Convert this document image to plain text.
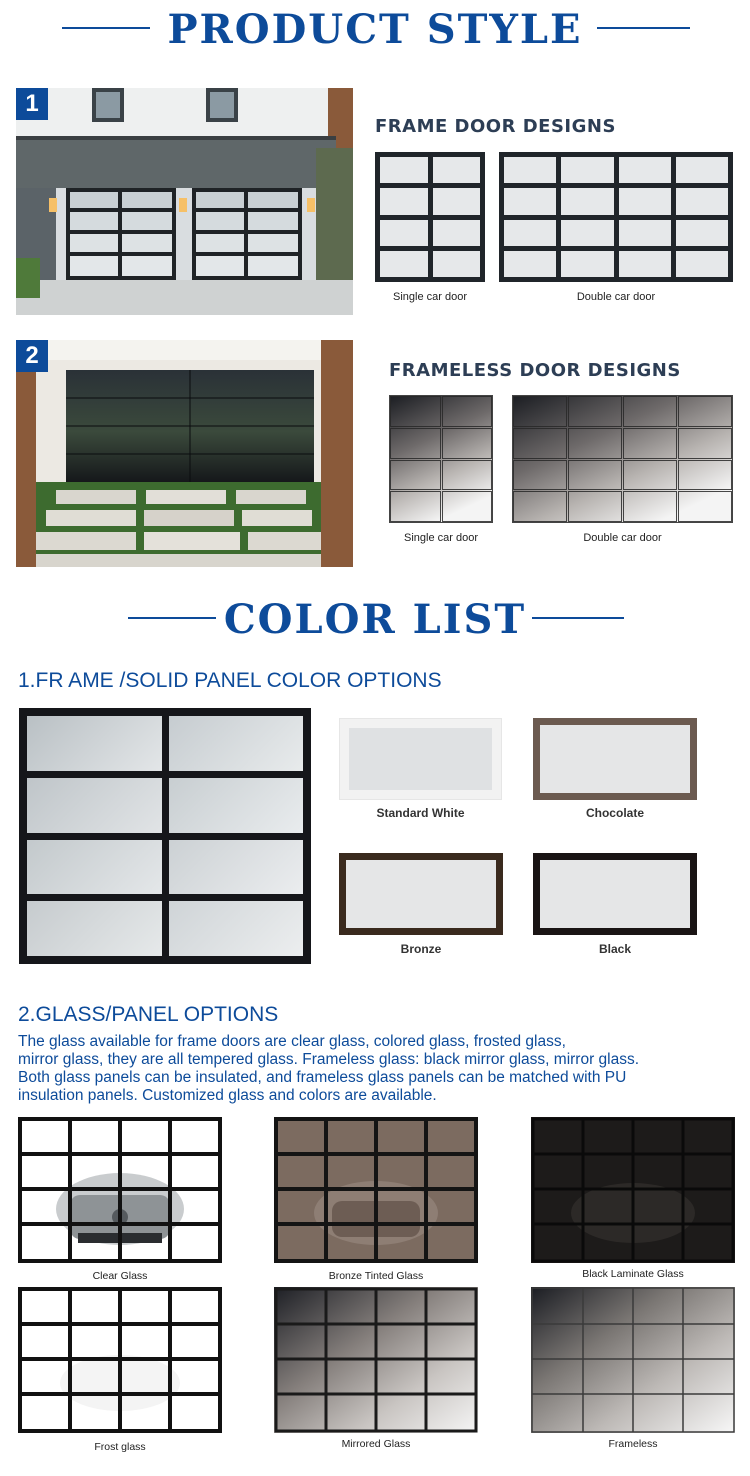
PRODUCT STYLE
1
FRAME DOOR DESIGNS
Single car door	Double car door
2
FRAMELESS DOOR DESIGNS
Single car door	Double car door
COLOR LIST
1.FR AME /SOLID PANEL COLOR OPTIONS
Standard White	Chocolate
Bronze	Black
2.GLASS/PANEL OPTIONS
The glass available for frame doors are clear glass, colored glass, frosted glass,
mirror glass, they are all tempered glass. Frameless glass: black mirror glass, mirror glass.
Both glass panels can be insulated, and frameless glass panels can be matched with PU
insulation panels. Customized glass and colors are available.
Clear Glass	Bronze Tinted Glass	Black Laminate Glass
Frost glass	Mirrored Glass	Frameless
